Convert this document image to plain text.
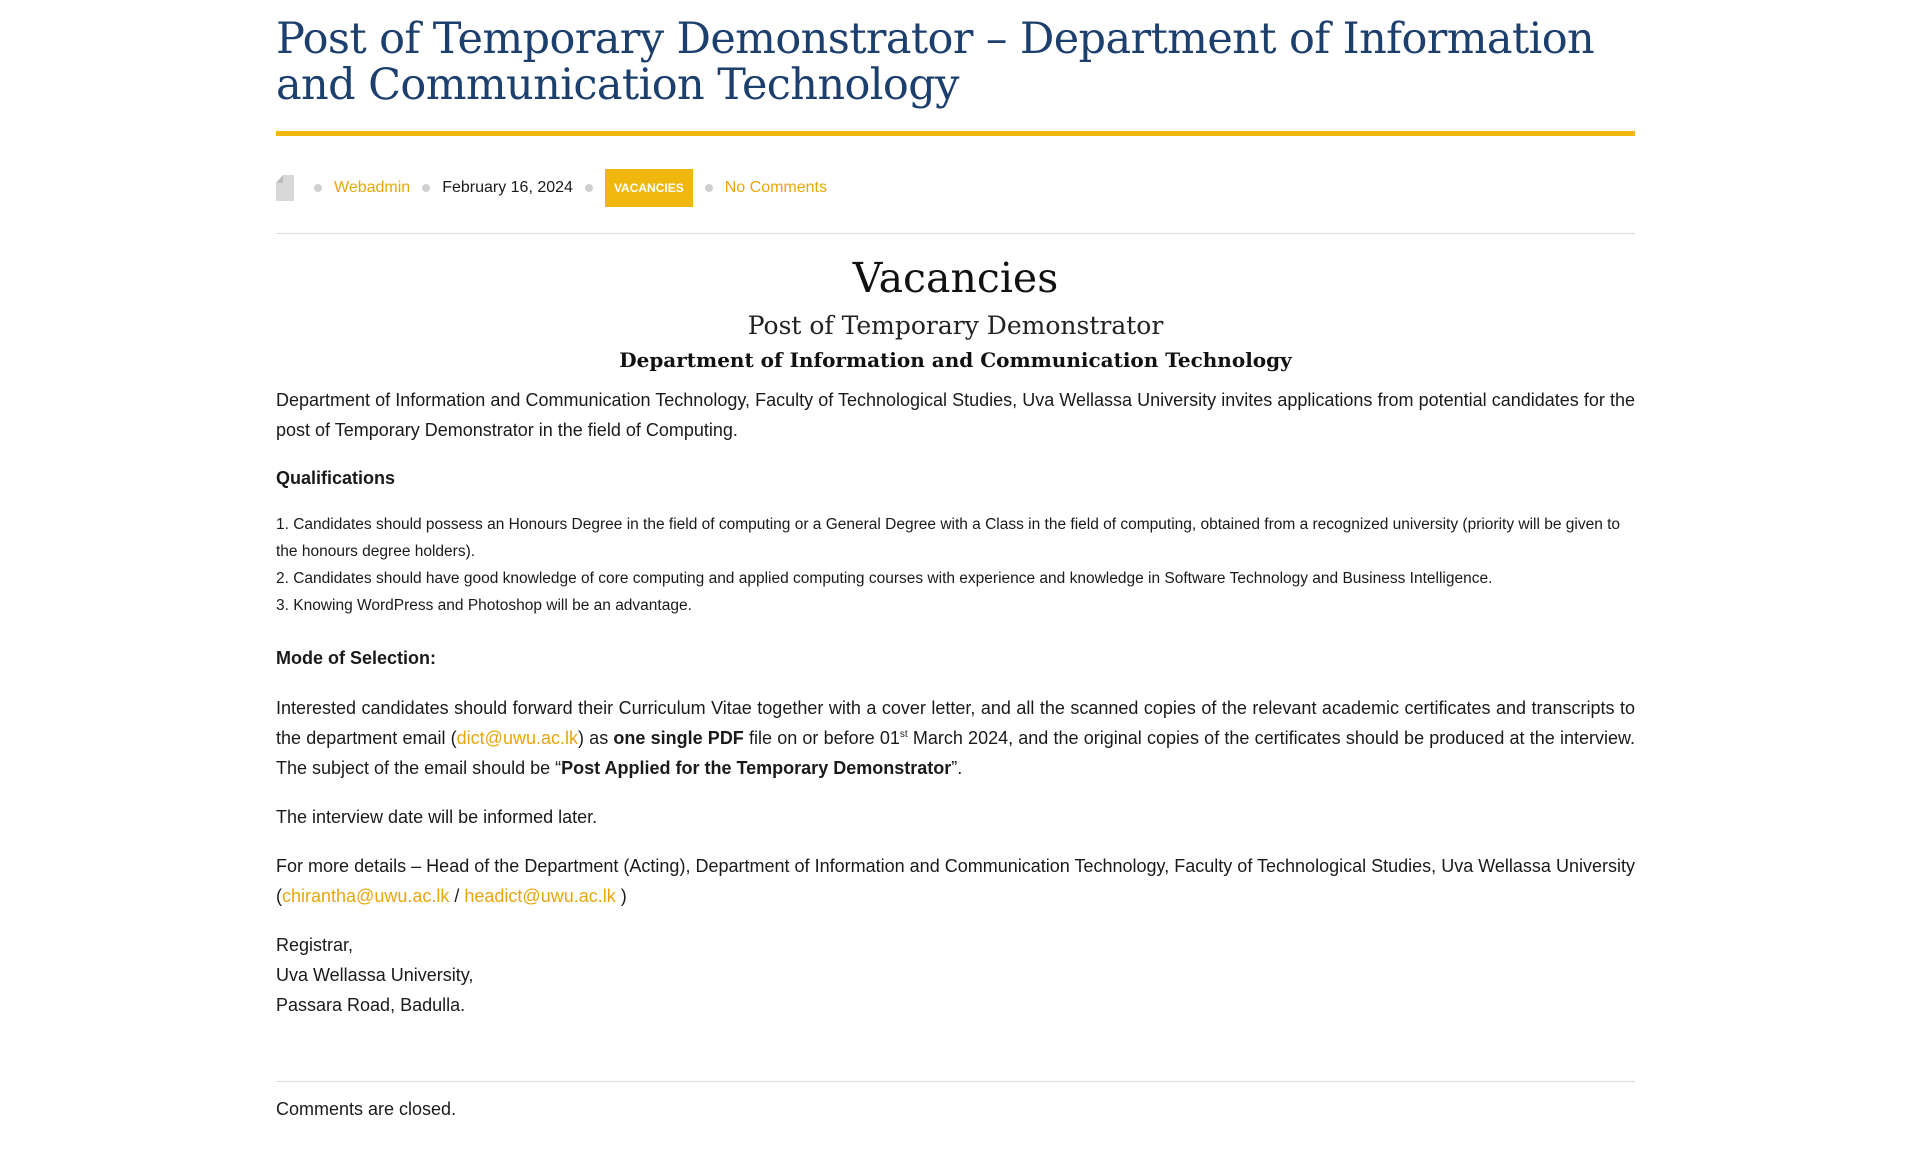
Post of Temporary Demonstrator – Department of Information and Communication Technology
Webadmin February 16, 2024	VACANCIES	No Comments
Vacancies
Post of Temporary Demonstrator
Department of Information and Communication Technology

Department of Information and Communication Technology, Faculty of Technological Studies, Uva Wellassa University invites applications from potential candidates for the post of Temporary Demonstrator in the field of Computing.

Qualifications
1. Candidates should possess an Honours Degree in the field of computing or a General Degree with a Class in the field of computing, obtained from a recognized university (priority will be given to the honours degree holders).
2. Candidates should have good knowledge of core computing and applied computing courses with experience and knowledge in Software Technology and Business Intelligence.
3. Knowing WordPress and Photoshop will be an advantage.
Mode of Selection:

Interested candidates should forward their Curriculum Vitae together with a cover letter, and all the scanned copies of the relevant academic certificates and transcripts to the department email (dict@uwu.ac.lk) as one single PDF file on or before 01st March 2024, and the original copies of the certificates should be produced at the interview. The subject of the email should be “Post Applied for the Temporary Demonstrator”.

The interview date will be informed later.

For more details – Head of the Department (Acting), Department of Information and Communication Technology, Faculty of Technological Studies, Uva Wellassa University (chirantha@uwu.ac.lk / headict@uwu.ac.lk )

Registrar,
Uva Wellassa University,
Passara Road, Badulla.
Comments are closed.
